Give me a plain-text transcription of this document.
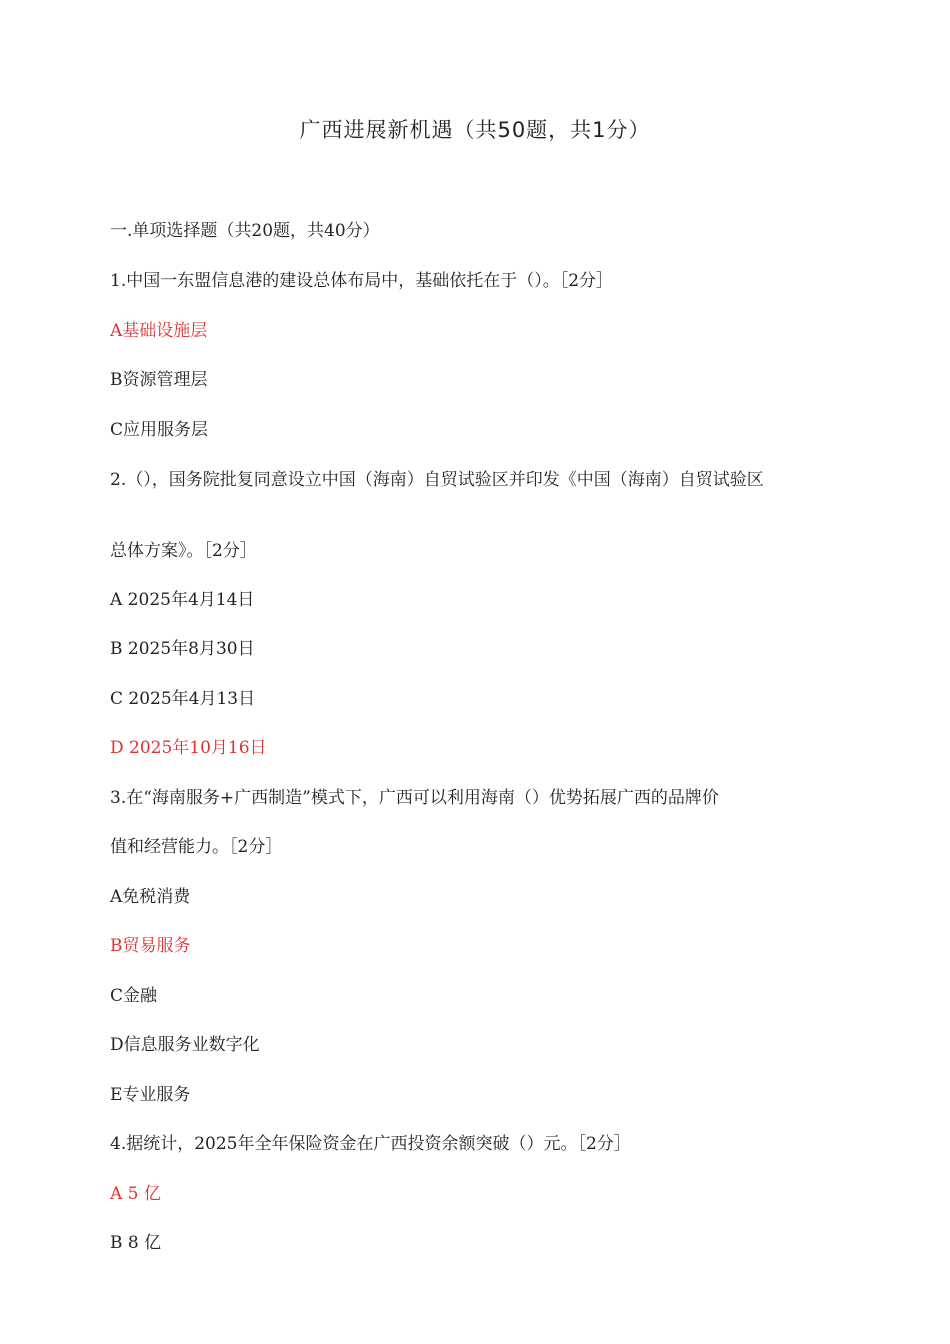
广西进展新机遇（共50题，共1分）
一.单项选择题（共20题，共40分）
1.中国一东盟信息港的建设总体布局中，基础依托在于（）。［2分］
A基础设施层
B资源管理层
C应用服务层
2.（），国务院批复同意设立中国（海南）自贸试验区并印发《中国（海南）自贸试验区
总体方案》。［2分］
A 2025年4月14日
B 2025年8月30日
C 2025年4月13日
D 2025年10月16日
3.在“海南服务+广西制造”模式下，广西可以利用海南（）优势拓展广西的品牌价
值和经营能力。［2分］
A免税消费
B贸易服务
C金融
D信息服务业数字化
E专业服务
4.据统计，2025年全年保险资金在广西投资余额突破（）元。［2分］
A 5 亿
B 8 亿
